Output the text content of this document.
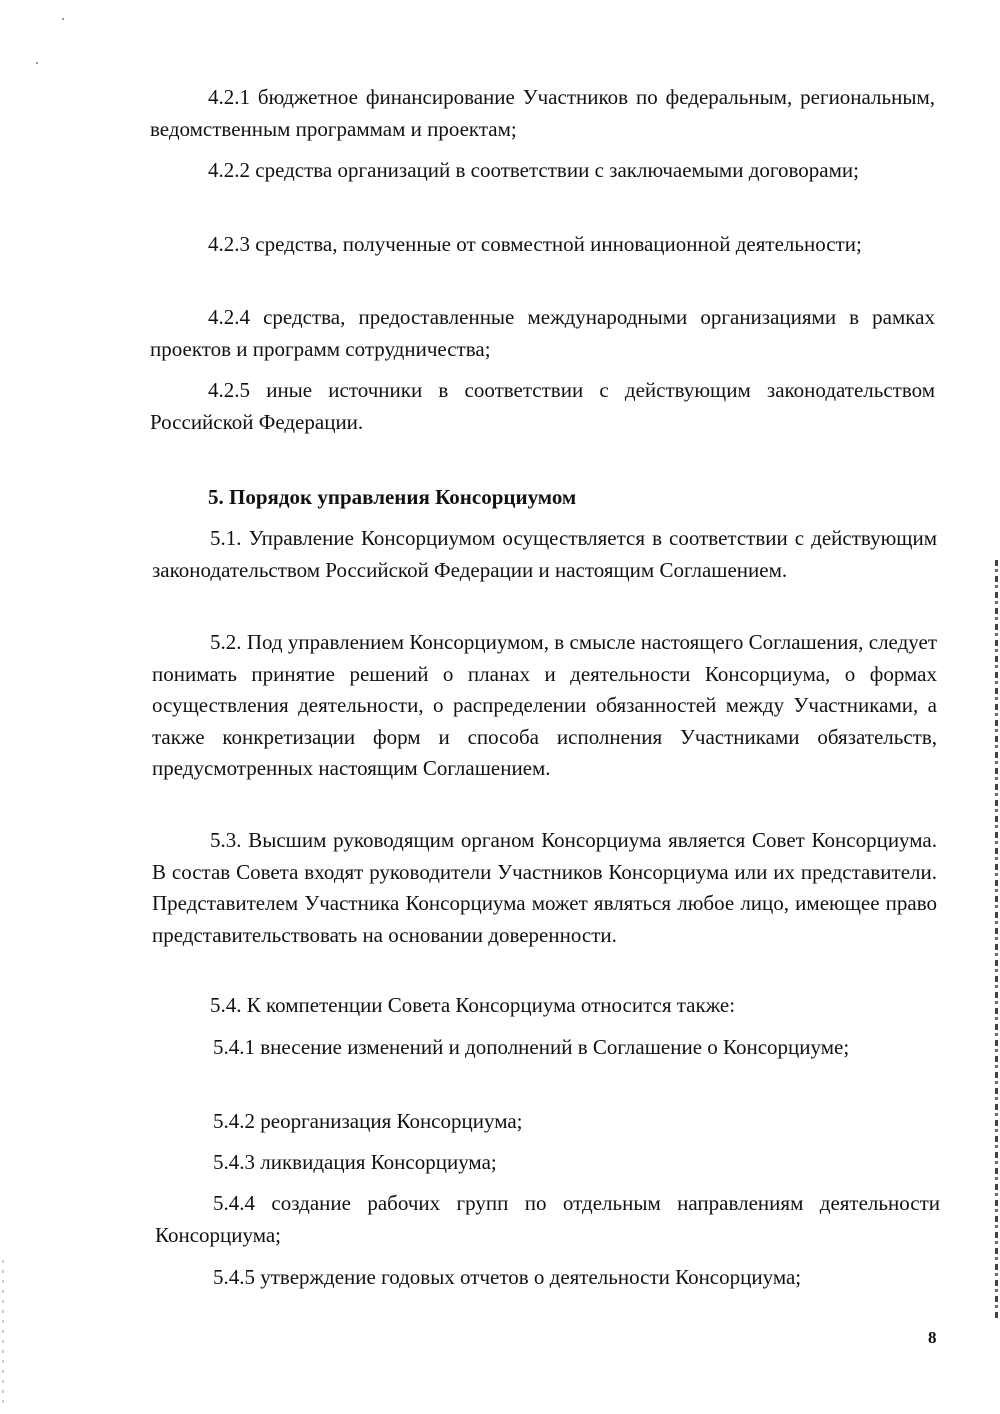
4.2.1 бюджетное финансирование Участников по федеральным, региональным, ведомственным программам и проектам;

4.2.2 средства организаций в соответствии с заключаемыми договорами;

4.2.3 средства, полученные от совместной инновационной деятельности;

4.2.4 средства, предоставленные международными организациями в рамках проектов и программ сотрудничества;

4.2.5 иные источники в соответствии с действующим законодательством Российской Федерации.

5. Порядок управления Консорциумом

5.1. Управление Консорциумом осуществляется в соответствии с действующим законодательством Российской Федерации и настоящим Соглашением.

5.2. Под управлением Консорциумом, в смысле настоящего Соглашения, следует понимать принятие решений о планах и деятельности Консорциума, о формах осуществления деятельности, о распределении обязанностей между Участниками, а также конкретизации форм и способа исполнения Участниками обязательств, предусмотренных настоящим Соглашением.

5.3. Высшим руководящим органом Консорциума является Совет Консорциума. В состав Совета входят руководители Участников Консорциума или их представители. Представителем Участника Консорциума может являться любое лицо, имеющее право представительствовать на основании доверенности.

5.4. К компетенции Совета Консорциума относится также:

5.4.1 внесение изменений и дополнений в Соглашение о Консорциуме;

5.4.2 реорганизация Консорциума;

5.4.3 ликвидация Консорциума;

5.4.4 создание рабочих групп по отдельным направлениям деятельности Консорциума;

5.4.5 утверждение годовых отчетов о деятельности Консорциума;

8
